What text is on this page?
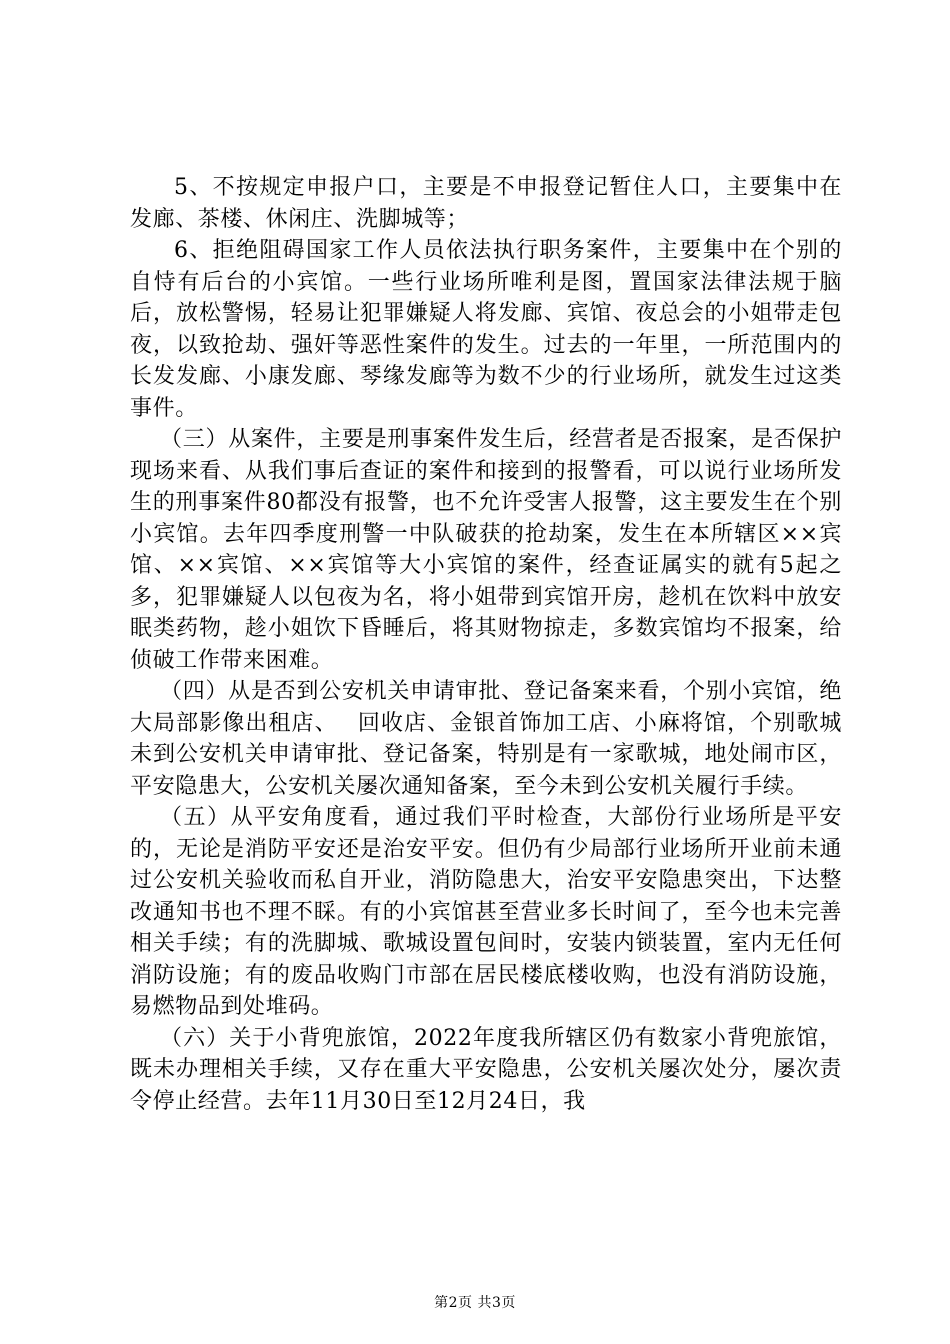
5、不按规定申报户口，主要是不申报登记暂住人口，主要集中在发廊、茶楼、休闲庄、洗脚城等；

6、拒绝阻碍国家工作人员依法执行职务案件，主要集中在个别的自恃有后台的小宾馆。一些行业场所唯利是图，置国家法律法规于脑后，放松警惕，轻易让犯罪嫌疑人将发廊、宾馆、夜总会的小姐带走包夜，以致抢劫、强奸等恶性案件的发生。过去的一年里，一所范围内的长发发廊、小康发廊、琴缘发廊等为数不少的行业场所，就发生过这类事件。

（三）从案件，主要是刑事案件发生后，经营者是否报案，是否保护现场来看、从我们事后查证的案件和接到的报警看，可以说行业场所发生的刑事案件80都没有报警，也不允许受害人报警，这主要发生在个别小宾馆。去年四季度刑警一中队破获的抢劫案，发生在本所辖区××宾馆、××宾馆、××宾馆等大小宾馆的案件，经查证属实的就有5起之多，犯罪嫌疑人以包夜为名，将小姐带到宾馆开房，趁机在饮料中放安眠类药物，趁小姐饮下昏睡后，将其财物掠走，多数宾馆均不报案，给侦破工作带来困难。

（四）从是否到公安机关申请审批、登记备案来看，个别小宾馆，绝大局部影像出租店、　 回收店、金银首饰加工店、小麻将馆，个别歌城未到公安机关申请审批、登记备案，特别是有一家歌城，地处闹市区，平安隐患大，公安机关屡次通知备案，至今未到公安机关履行手续。

（五）从平安角度看，通过我们平时检查，大部份行业场所是平安的，无论是消防平安还是治安平安。但仍有少局部行业场所开业前未通过公安机关验收而私自开业，消防隐患大，治安平安隐患突出，下达整改通知书也不理不睬。有的小宾馆甚至营业多长时间了，至今也未完善相关手续；有的洗脚城、歌城设置包间时，安装内锁装置，室内无任何消防设施；有的废品收购门市部在居民楼底楼收购，也没有消防设施，易燃物品到处堆码。

（六）关于小背兜旅馆，2022年度我所辖区仍有数家小背兜旅馆，既未办理相关手续，又存在重大平安隐患，公安机关屡次处分，屡次责令停止经营。去年11月30日至12月24日，我

第2页 共3页
